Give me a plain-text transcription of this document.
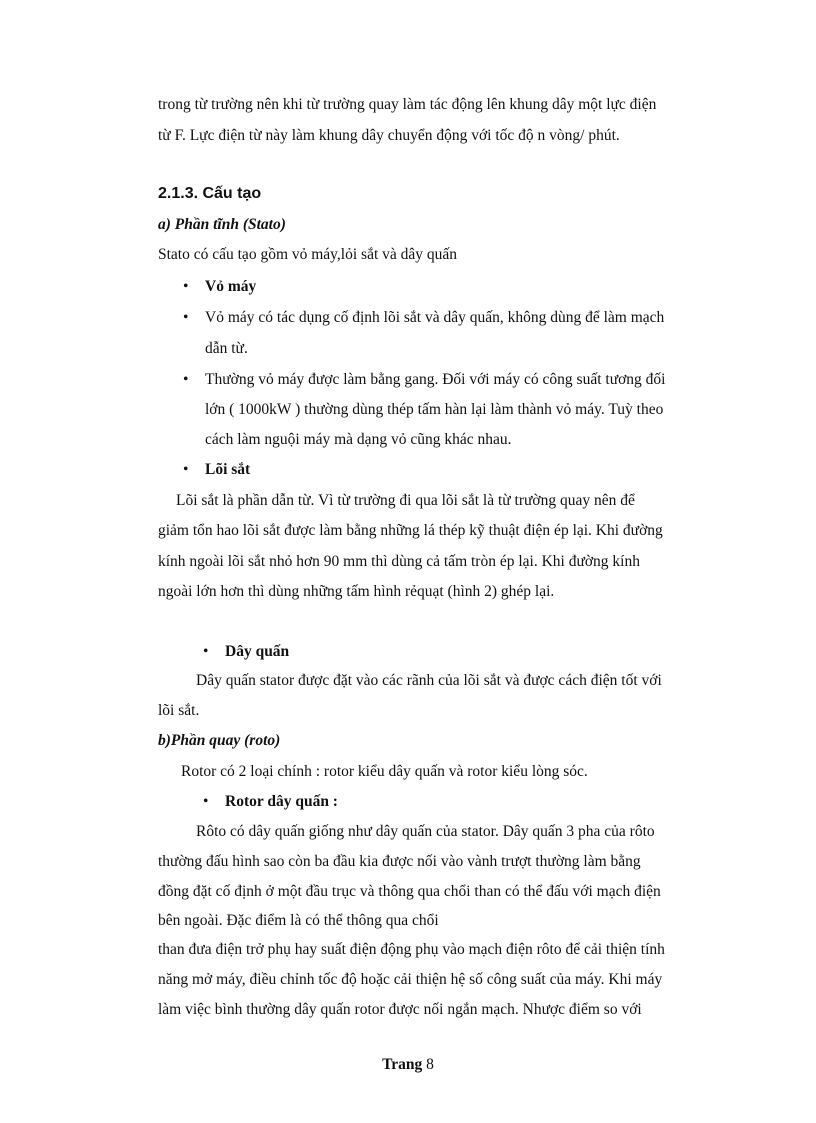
trong từ trường nên khi từ trường quay làm tác động lên khung dây một lực điện
từ F. Lực điện từ này làm khung dây chuyển động với tốc độ n vòng/ phút.
2.1.3. Cấu tạo
a) Phần tĩnh (Stato)
Stato có cấu tạo gồm vỏ máy,lỏi sắt và dây quấn
• Vỏ máy
• Vỏ máy có tác dụng cố định lõi sắt và dây quấn, không dùng để làm mạch
dẫn từ.
• Thường vỏ máy được làm bằng gang. Đối với máy có công suất tương đối
lớn ( 1000kW ) thường dùng thép tấm hàn lại làm thành vỏ máy. Tuỳ theo
cách làm nguội máy mà dạng vỏ cũng khác nhau.
• Lõi sắt
Lõi sắt là phần dẫn từ. Vì từ trường đi qua lõi sắt là từ trường quay nên để
giảm tổn hao lõi sắt được làm bằng những lá thép kỹ thuật điện ép lại. Khi đường
kính ngoài lõi sắt nhỏ hơn 90 mm thì dùng cả tấm tròn ép lại. Khi đường kính
ngoài lớn hơn thì dùng những tấm hình rẻquạt (hình 2) ghép lại.
• Dây quấn
Dây quấn stator được đặt vào các rãnh của lõi sắt và được cách điện tốt với
lõi sắt.
b)Phần quay (roto)
Rotor có 2 loại chính : rotor kiểu dây quấn và rotor kiểu lòng sóc.
• Rotor dây quấn :
Rôto có dây quấn giống như dây quấn của stator. Dây quấn 3 pha của rôto
thường đấu hình sao còn ba đầu kia được nối vào vành trượt thường làm bằng
đồng đặt cố định ở một đầu trục và thông qua chổi than có thể đấu với mạch điện
bên ngoài. Đặc điểm là có thể thông qua chổi
than đưa điện trở phụ hay suất điện động phụ vào mạch điện rôto để cải thiện tính
năng mở máy, điều chỉnh tốc độ hoặc cải thiện hệ số công suất của máy. Khi máy
làm việc bình thường dây quấn rotor được nối ngắn mạch. Nhược điểm so với
Trang 8
